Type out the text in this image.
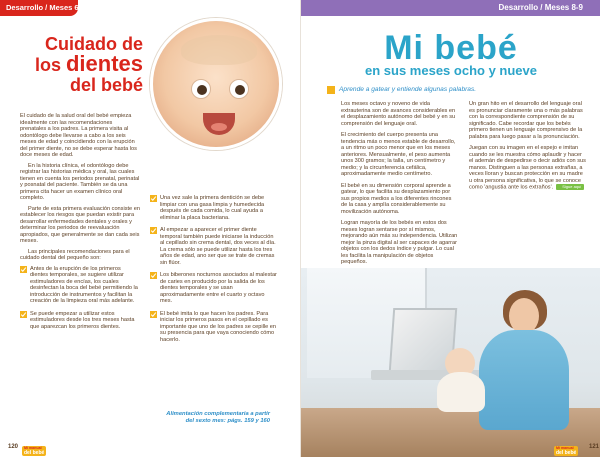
Desarrollo / Meses 6-7
Cuidado de
los dientes
del bebé

El cuidado de la salud oral del bebé empieza idealmente con las recomendaciones prenatales a los padres. La primera visita al odontólogo debe llevarse a cabo a los seis meses de edad y coincidiendo con la erupción del primer diente, no se debe esperar hasta los doce meses de edad.

En la historia clínica, el odontólogo debe registrar las historias médica y oral, las cuales tienen en cuenta los periodos prenatal, perinatal y posnatal del paciente. También se da una primera cita hacer un examen clínico oral completo.

Parte de esta primera evaluación consiste en establecer los riesgos que puedan existir para desarrollar enfermedades dentales y orales y determinar los periodos de reevaluación apropiados, que generalmente se dan cada seis meses.

Las principales recomendaciones para el cuidado dental del pequeño son:

Antes de la erupción de los primeros dientes temporales, se sugiere utilizar estimuladores de encías, los cuales desinfectan la boca del bebé permitiendo la introducción de instrumentos y facilitan la creación de la limpieza oral más adelante.
Se puede empezar a utilizar estos estimuladores desde los tres meses hasta que aparezcan los primeros dientes.
Una vez sale la primera dentición se debe limpiar con una gasa limpia y humedecida después de cada comida, lo cual ayuda a eliminar la placa bacteriana.
Al empezar a aparecer el primer diente temporal también puede iniciarse la inducción al cepillado sin crema dental, dos veces al día. La crema sólo se puede utilizar hasta los tres años de edad, ano ser que se trate de cremas sin flúor.
Los biberones nocturnos asociados al malestar de caries en producido por la salida de los dientes temporales y se usan aproximadamente entre el cuarto y octavo mes.
El bebé imita lo que hacen los padres. Para iniciar los primeros pasos en el cepillado es importante que uno de los padres se cepille en su presencia para que vaya conociendo cómo hacerlo.
Alimentación complementaria a partir del sexto mes: págs. 159 y 160
120 Mi manual
del bebé
Desarrollo / Meses 8-9
Mi bebé
en sus meses ocho y nueve
Aprende a gatear y entiende algunas palabras.

Los meses octavo y noveno de vida extrauterina son de avances considerables en el desplazamiento autónomo del bebé y en su comprensión del lenguaje oral.

El crecimiento del cuerpo presenta una tendencia más o menos estable de desarrollo, a un ritmo un poco menor que en los meses anteriores. Mensualmente, el peso aumenta unos 300 gramos; la talla, un centímetro y medio; y la circunferencia cefálica, aproximadamente medio centímetro.

El bebé en su dimensión corporal aprende a gatear, lo que facilita su desplazamiento por sus propios medios a los diferentes rincones de la casa y amplía considerablemente su movilización autónoma.

Logran mayoría de los bebés en estos dos meses logran sentarse por sí mismos, mejorando aún más su independencia. Utilizan mejor la pinza digital al ser capaces de agarrar objetos con los dedos índice y pulgar. Lo cual les facilita la manipulación de objetos pequeños.

Un gran hito en el desarrollo del lenguaje oral es pronunciar claramente una o más palabras con la correspondiente comprensión de su significado. Cabe recordar que los bebés primero tienen un lenguaje comprensivo de la palabra para luego pasar a la pronunciación.

Juegan con su imagen en el espejo e imitan cuando se les muestra cómo aplaudir y hacer el ademán de despedirse o decir adiós con sus manos. Distinguen a las personas extrañas, a veces lloran y buscan protección en su madre u otra persona significativa, lo que se conoce como 'angustia ante los extraños'. Sigue aquí

Mi manual
del bebé
121
